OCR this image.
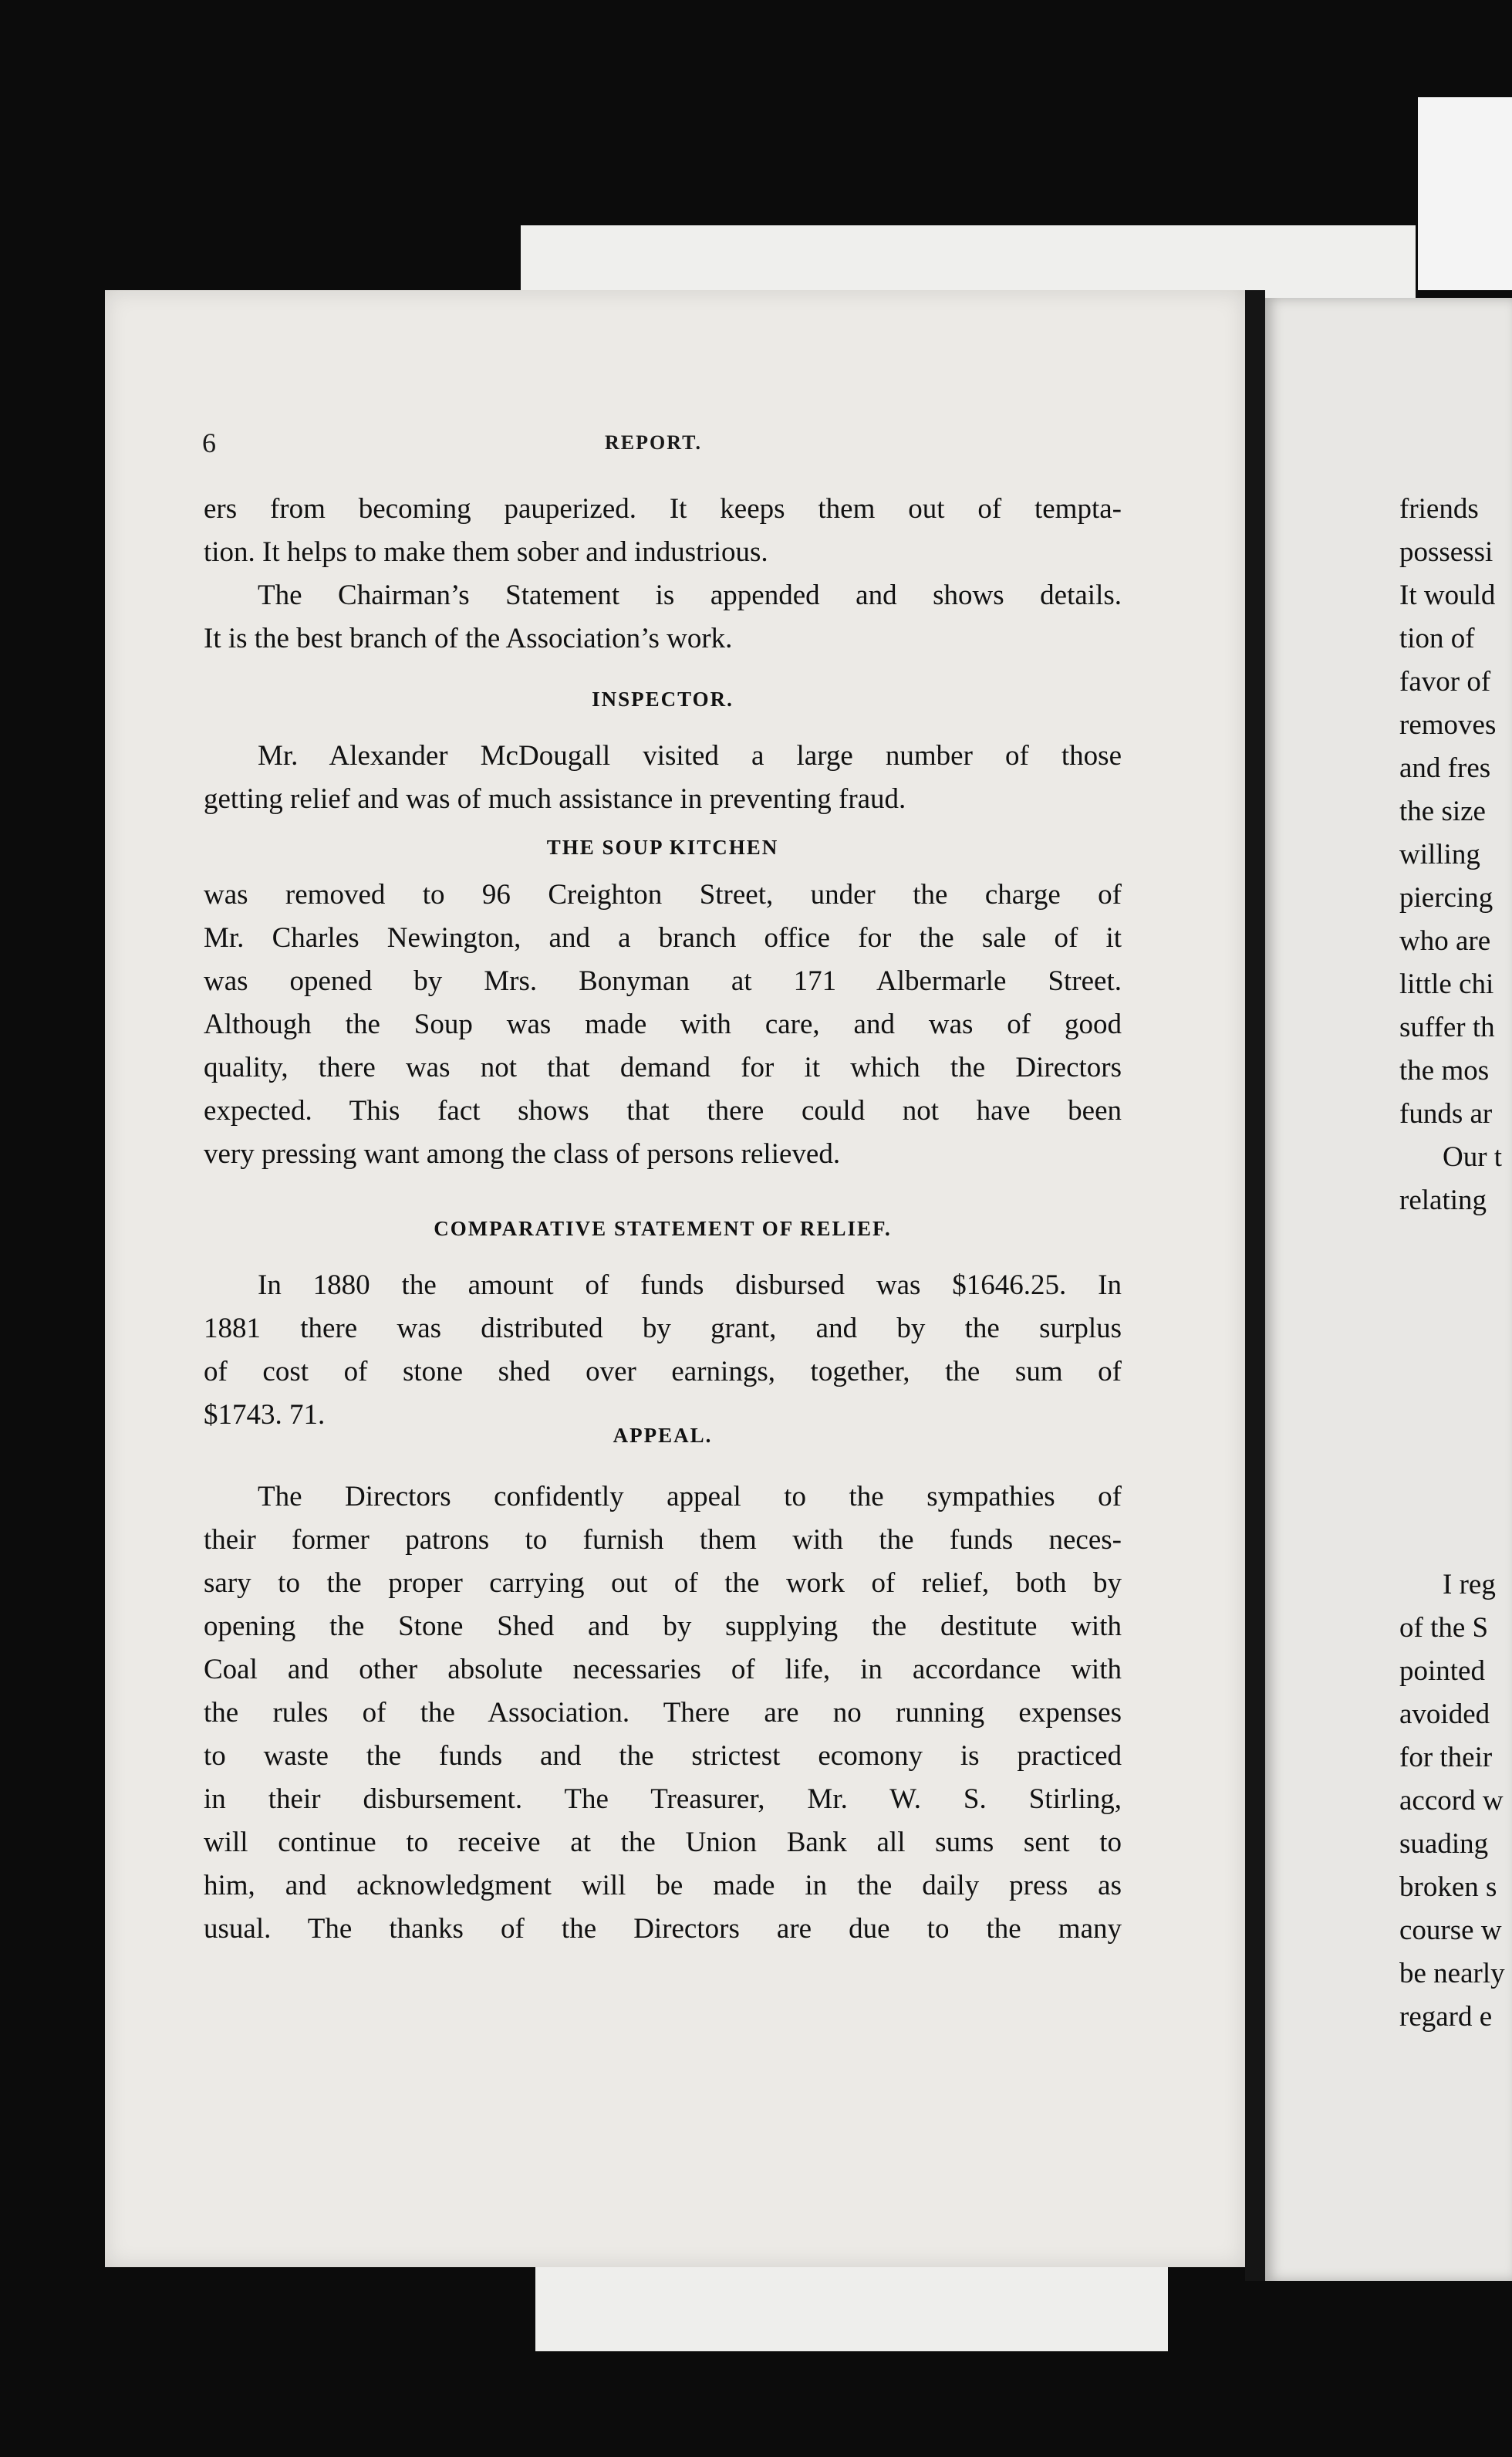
6	REPORT.

ers from becoming pauperized. It keeps them out of tempta-

tion. It helps to make them sober and industrious.

The Chairman’s Statement is appended and shows details.

It is the best branch of the Association’s work.

INSPECTOR.

Mr. Alexander McDougall visited a large number of those

getting relief and was of much assistance in preventing fraud.

THE SOUP KITCHEN

was removed to 96 Creighton Street, under the charge of

Mr. Charles Newington, and a branch office for the sale of it

was opened by Mrs. Bonyman at 171 Albermarle Street.

Although the Soup was made with care, and was of good

quality, there was not that demand for it which the Directors

expected. This fact shows that there could not have been

very pressing want among the class of persons relieved.

COMPARATIVE STATEMENT OF RELIEF.

In 1880 the amount of funds disbursed was $1646.25. In

1881 there was distributed by grant, and by the surplus

of cost of stone shed over earnings, together, the sum of

$1743. 71.

APPEAL.

The Directors confidently appeal to the sympathies of

their former patrons to furnish them with the funds neces-

sary to the proper carrying out of the work of relief, both by

opening the Stone Shed and by supplying the destitute with

Coal and other absolute necessaries of life, in accordance with

the rules of the Association. There are no running expenses

to waste the funds and the strictest ecomony is practiced

in their disbursement. The Treasurer, Mr. W. S. Stirling,

will continue to receive at the Union Bank all sums sent to

him, and acknowledgment will be made in the daily press as

usual. The thanks of the Directors are due to the many

friends
possessi
It would
tion of
favor of
removes
and fres
the size
willing
piercing
who are
little chi
suffer th
the mos
funds ar
Our t
relating
I reg
of the S
pointed
avoided
for their
accord w
suading
broken s
course w
be nearly
regard e
